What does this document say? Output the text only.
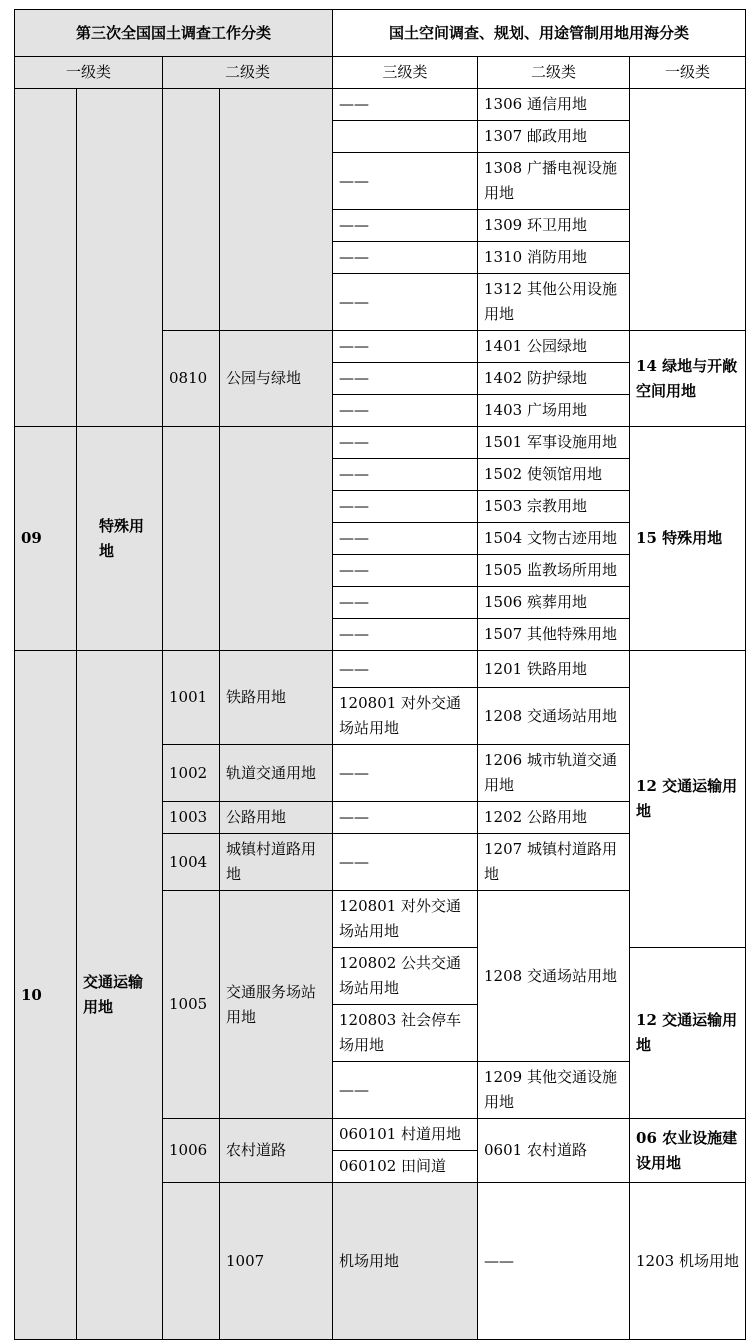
第三次全国国土调查工作分类				国土空间调查、规划、用途管制用地用海分类			
一级类		二级类		三级类	二级类	一级类	
				——	1306 通信用地		
					1307 邮政用地		
				——	1308 广播电视设施用地		
				——	1309 环卫用地		
				——	1310 消防用地		
				——	1312 其他公用设施用地		
		0810	公园与绿地	——	1401 公园绿地	14 绿地与开敞空间用地	
				——	1402 防护绿地		
				——	1403 广场用地		
09	特殊用地			——	1501 军事设施用地	15 特殊用地	
				——	1502 使领馆用地		
				——	1503 宗教用地		
				——	1504 文物古迹用地		
				——	1505 监教场所用地		
				——	1506 殡葬用地		
				——	1507 其他特殊用地		
10	交通运输用地	1001	铁路用地	——	1201 铁路用地	12 交通运输用地	
				120801 对外交通场站用地	1208 交通场站用地		
		1002	轨道交通用地	——	1206 城市轨道交通用地		
		1003	公路用地	——	1202 公路用地		
		1004	城镇村道路用地	——	1207 城镇村道路用地		
		1005	交通服务场站用地	120801 对外交通场站用地	1208 交通场站用地		
				120802 公共交通场站用地		12 交通运输用地	
				120803 社会停车场用地			
				——	1209 其他交通设施用地		
		1006	农村道路	060101 村道用地	0601 农村道路	06 农业设施建设用地	
				060102 田间道			
			1007	机场用地	——	1203 机场用地	
